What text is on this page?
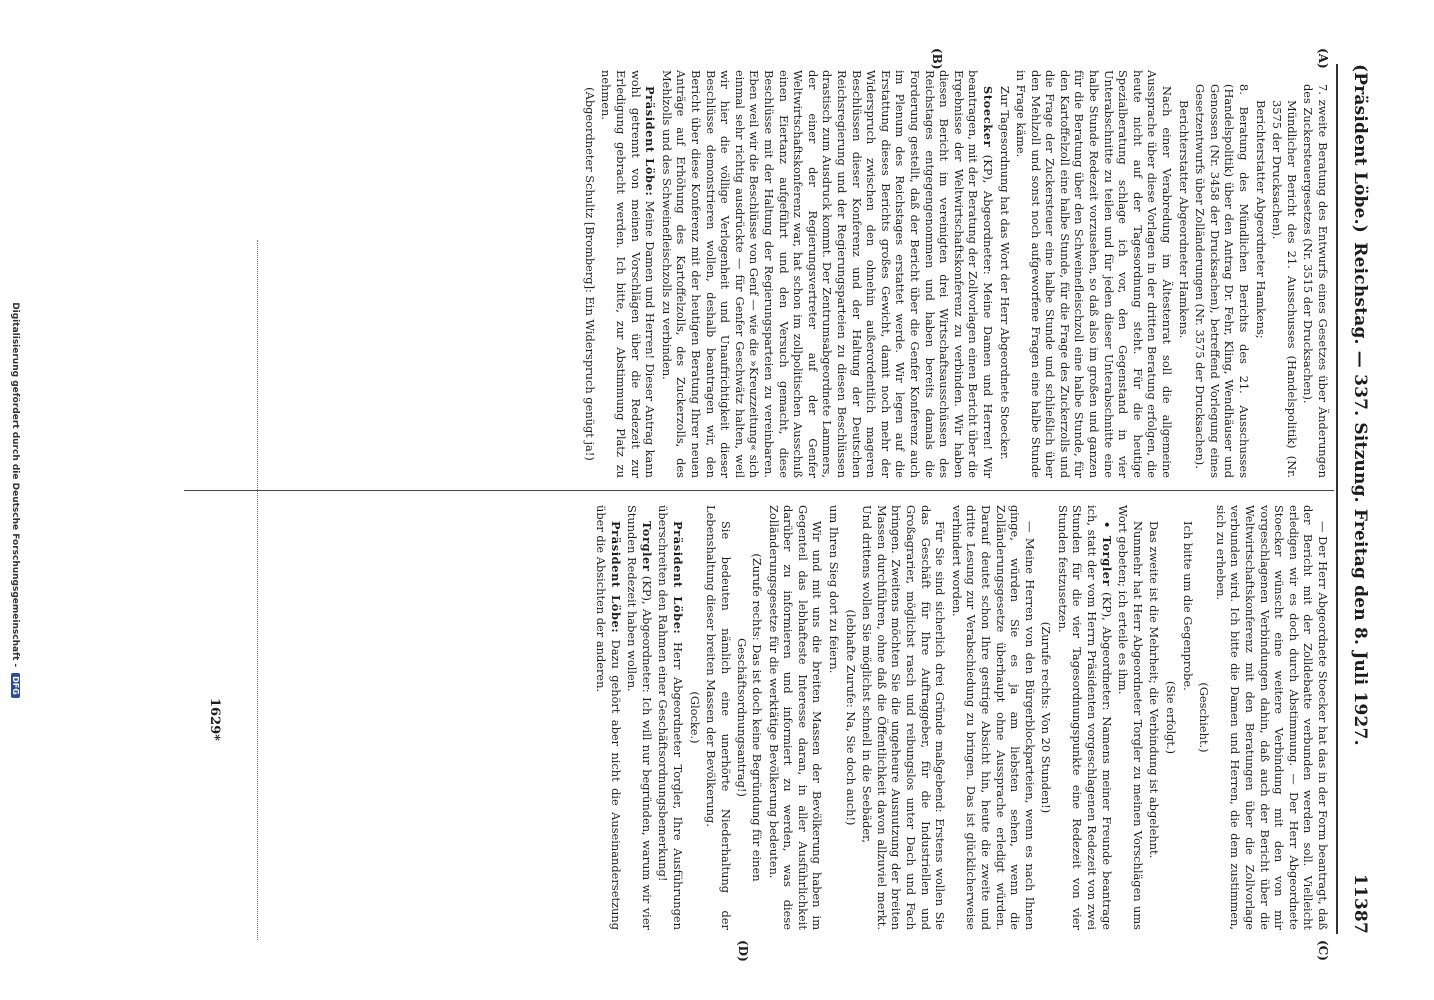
(Präsident Löbe.)
Reichstag. — 337. Sitzung. Freitag den 8. Juli 1927.
11387
(A)
(B)
(C)
(D)

7. zweite Beratung des Entwurfs eines Gesetzes über Änderungen des Zuckersteuergesetzes (Nr. 3515 der Drucksachen).

Mündlicher Bericht des 21. Ausschusses (Handelspolitik) (Nr. 3575 der Drucksachen).

Berichterstatter Abgeordneter Hamkens;

8. Beratung des Mündlichen Berichts des 21. Ausschusses (Handelspolitik) über den Antrag Dr. Fehr, Kling, Wendhäuser und Genossen (Nr. 3458 der Drucksachen), betreffend Vorlegung eines Gesetzentwurfs über Zolländerungen (Nr. 3575 der Drucksachen).

Berichterstatter Abgeordneter Hamkens.

Nach einer Verabredung im Ältestenrat soll die allgemeine Aussprache über diese Vorlagen in der dritten Beratung erfolgen, die heute nicht auf der Tagesordnung steht. Für die heutige Spezialberatung schlage ich vor, den Gegenstand in vier Unterabschnitte zu teilen und für jeden dieser Unterabschnitte eine halbe Stunde Redezeit vorzusehen, so daß also im großen und ganzen für die Beratung über den Schweinefleischzoll eine halbe Stunde, für den Kartoffelzoll eine halbe Stunde, für die Frage des Zuckerzolls und die Frage der Zuckersteuer eine halbe Stunde und schließlich über den Mehlzoll und sonst noch aufgeworfene Fragen eine halbe Stunde in Frage käme.

Zur Tagesordnung hat das Wort der Herr Abgeordnete Stoecker.

Stoecker (KP), Abgeordneter: Meine Damen und Herren! Wir beantragen, mit der Beratung der Zollvorlagen einen Bericht über die Ergebnisse der Weltwirtschaftskonferenz zu verbinden. Wir haben diesen Bericht im vereinigten drei Wirtschaftsausschüssen des Reichstages entgegengenommen und haben bereits damals die Forderung gestellt, daß der Bericht über die Genfer Konferenz auch im Plenum des Reichstages erstattet werde. Wir legen auf die Erstattung dieses Berichts großes Gewicht, damit noch mehr der Widerspruch zwischen den ohnehin außerordentlich mageren Beschlüssen dieser Konferenz und der Haltung der Deutschen Reichsregierung und der Regierungsparteien zu diesen Beschlüssen drastisch zum Ausdruck kommt. Der Zentrumsabgeordnete Lammers, der einer der Regierungsvertreter auf der Genfer Weltwirtschaftskonferenz war, hat schon im zollpolitischen Ausschuß einen Eiertanz aufgeführt und den Versuch gemacht, diese Beschlüsse mit der Haltung der Regierungsparteien zu vereinbaren. Eben weil wir die Beschlüsse von Genf — wie die »Kreuzzeitung« sich einmal sehr richtig ausdrückte — für Genfer Geschwätz halten, weil wir hier die völlige Verlogenheit und Unaufrichtigkeit dieser Beschlüsse demonstrieren wollen, deshalb beantragen wir, den Bericht über diese Konferenz mit der heutigen Beratung Ihrer neuen Anträge auf Erhöhung des Kartoffelzolls, des Zuckerzolls, des Mehlzolls und des Schweinefleischzolls zu verbinden.

Präsident Löbe: Meine Damen und Herren! Dieser Antrag kann wohl getrennt von meinen Vorschlägen über die Redezeit zur Erledigung gebracht werden. Ich bitte, zur Abstimmung Platz zu nehmen.

(Abgeordneter Schultz [Bromberg]: Ein Widerspruch genügt ja!)

— Der Herr Abgeordnete Stoecker hat das in der Form beantragt, daß der Bericht mit der Zolldebatte verbunden werden soll. Vielleicht erledigen wir es doch durch Abstimmung. — Der Herr Abgeordnete Stoecker wünscht eine weitere Verbindung mit den von mir vorgeschlagenen Verbindungen dahin, daß auch der Bericht über die Weltwirtschaftskonferenz mit den Beratungen über die Zollvorlage verbunden wird. Ich bitte die Damen und Herren, die dem zustimmen, sich zu erheben.

(Geschieht.)

Ich bitte um die Gegenprobe.

(Sie erfolgt.)

Das zweite ist die Mehrheit; die Verbindung ist abgelehnt.

Nunmehr hat Herr Abgeordneter Torgler zu meinen Vorschlägen ums Wort gebeten; ich erteile es ihm.

• Torgler (KP), Abgeordneter: Namens meiner Freunde beantrage ich, statt der vom Herrn Präsidenten vorgeschlagenen Redezeit von zwei Stunden für die vier Tagesordnungspunkte eine Redezeit von vier Stunden festzusetzen.

(Zurufe rechts: Von 20 Stunden!)

— Meine Herren von den Bürgerblockparteien, wenn es nach Ihnen ginge, würden Sie es ja am liebsten sehen, wenn die Zolländerungsgesetze überhaupt ohne Aussprache erledigt würden. Darauf deutet schon Ihre gestrige Absicht hin, heute die zweite und dritte Lesung zur Verabschiedung zu bringen. Das ist glücklicherweise verhindert worden.

Für Sie sind sicherlich drei Gründe maßgebend: Erstens wollen Sie das Geschäft für Ihre Auftraggeber, für die Industriellen und Großagrarier, möglichst rasch und reibungslos unter Dach und Fach bringen. Zweitens möchten Sie die ungeheure Ausnutzung der breiten Massen durchführen, ohne daß die Öffentlichkeit davon allzuviel merkt. Und drittens wollen Sie möglichst schnell in die Seebäder,

(lebhafte Zurufe: Na, Sie doch auch!)

um Ihren Sieg dort zu feiern.

Wir und mit uns die breiten Massen der Bevölkerung haben im Gegenteil das lebhafteste Interesse daran, in aller Ausführlichkeit darüber zu informieren und informiert zu werden, was diese Zolländerungsgesetze für die werktätige Bevölkerung bedeuten.

(Zurufe rechts: Das ist doch keine Begründung für einen Geschäftsordnungsantrag!)

Sie bedeuten nämlich eine unerhörte Niederhaltung der Lebenshaltung dieser breiten Massen der Bevölkerung.

(Glocke.)

Präsident Löbe: Herr Abgeordneter Torgler, Ihre Ausführungen überschreiten den Rahmen einer Geschäftsordnungsbemerkung!

Torgler (KP), Abgeordneter: Ich will nur begründen, warum wir vier Stunden Redezeit haben wollen.

Präsident Löbe: Dazu gehört aber nicht die Auseinandersetzung über die Absichten der anderen.

1629*
Digitalisierung gefördert durch die Deutsche Forschungsgemeinschaft -DFG
